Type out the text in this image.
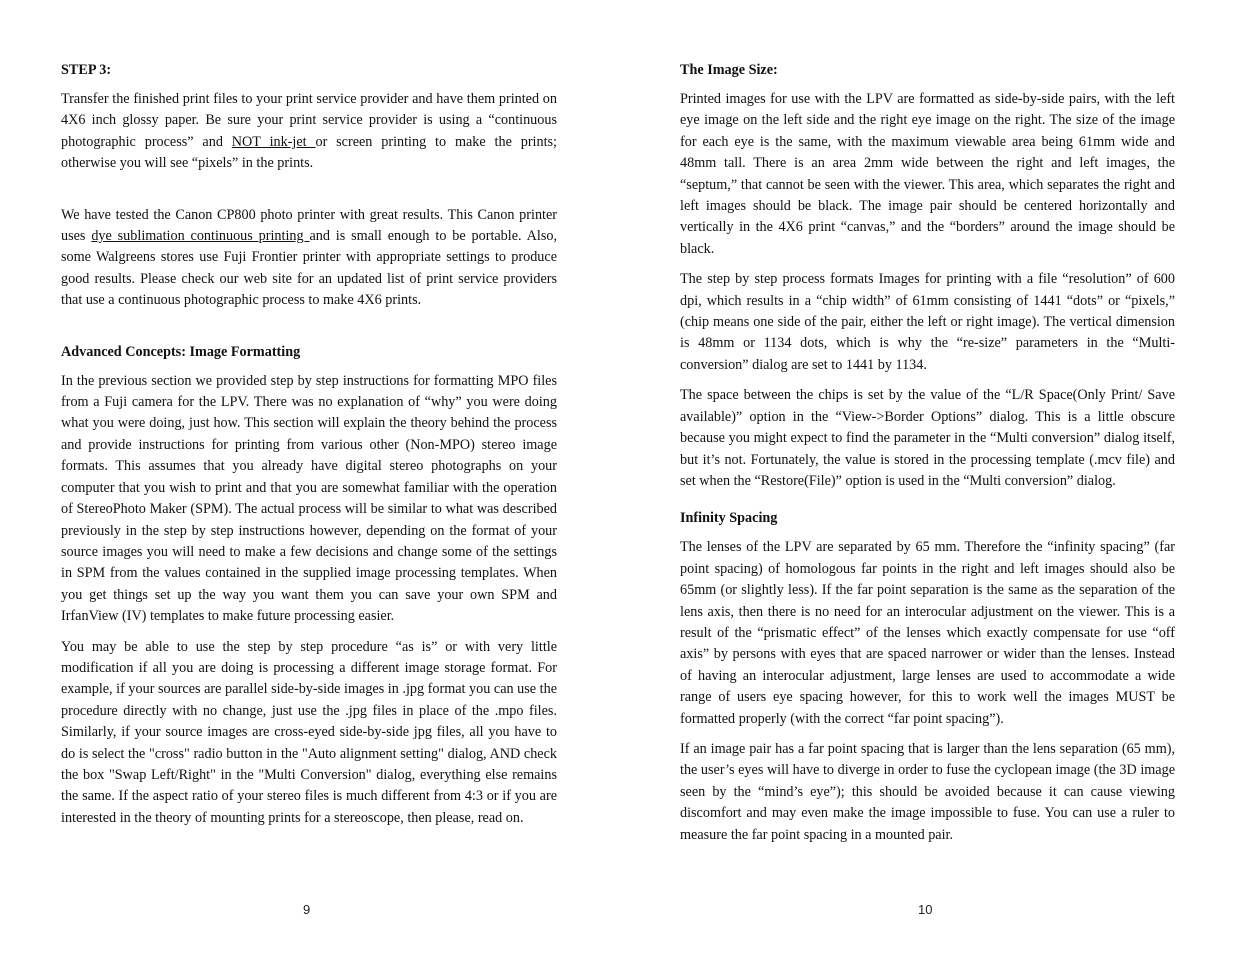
STEP 3:

Transfer the finished print files to your print service provider and have them printed on 4X6 inch glossy paper. Be sure your print service provider is using a “continuous photographic process” and NOT ink-jet or screen printing to make the prints; otherwise you will see “pixels” in the prints.

We have tested the Canon CP800 photo printer with great results. This Canon printer uses dye sublimation continuous printing and is small enough to be portable. Also, some Walgreens stores use Fuji Frontier printer with appropriate settings to produce good results. Please check our web site for an updated list of print service providers that use a continuous photographic process to make 4X6 prints.

Advanced Concepts: Image Formatting

In the previous section we provided step by step instructions for formatting MPO files from a Fuji camera for the LPV. There was no explanation of “why” you were doing what you were doing, just how. This section will explain the theory behind the process and provide instructions for printing from various other (Non-MPO) stereo image formats. This assumes that you already have digital stereo photographs on your computer that you wish to print and that you are somewhat familiar with the operation of StereoPhoto Maker (SPM). The actual process will be similar to what was described previously in the step by step instructions however, depending on the format of your source images you will need to make a few decisions and change some of the settings in SPM from the values contained in the supplied image processing templates. When you get things set up the way you want them you can save your own SPM and IrfanView (IV) templates to make future processing easier.

You may be able to use the step by step procedure “as is” or with very little modification if all you are doing is processing a different image storage format. For example, if your sources are parallel side-by-side images in .jpg format you can use the procedure directly with no change, just use the .jpg files in place of the .mpo files. Similarly, if your source images are cross-eyed side-by-side jpg files, all you have to do is select the "cross" radio button in the "Auto alignment setting" dialog, AND check the box "Swap Left/Right" in the "Multi Conversion" dialog, everything else remains the same. If the aspect ratio of your stereo files is much different from 4:3 or if you are interested in the theory of mounting prints for a stereoscope, then please, read on.

9
The Image Size:

Printed images for use with the LPV are formatted as side-by-side pairs, with the left eye image on the left side and the right eye image on the right. The size of the image for each eye is the same, with the maximum viewable area being 61mm wide and 48mm tall. There is an area 2mm wide between the right and left images, the “septum,” that cannot be seen with the viewer. This area, which separates the right and left images should be black. The image pair should be centered horizontally and vertically in the 4X6 print “canvas,” and the “borders” around the image should be black.

The step by step process formats Images for printing with a file “resolution” of 600 dpi, which results in a “chip width” of 61mm consisting of 1441 “dots” or “pixels,” (chip means one side of the pair, either the left or right image). The vertical dimension is 48mm or 1134 dots, which is why the “re-size” parameters in the “Multi-conversion” dialog are set to 1441 by 1134.

The space between the chips is set by the value of the “L/R Space(Only Print/ Save available)” option in the “View->Border Options” dialog. This is a little obscure because you might expect to find the parameter in the “Multi conversion” dialog itself, but it’s not. Fortunately, the value is stored in the processing template (.mcv file) and set when the “Restore(File)” option is used in the “Multi conversion” dialog.

Infinity Spacing

The lenses of the LPV are separated by 65 mm. Therefore the “infinity spacing” (far point spacing) of homologous far points in the right and left images should also be 65mm (or slightly less). If the far point separation is the same as the separation of the lens axis, then there is no need for an interocular adjustment on the viewer. This is a result of the “prismatic effect” of the lenses which exactly compensate for use “off axis” by persons with eyes that are spaced narrower or wider than the lenses. Instead of having an interocular adjustment, large lenses are used to accommodate a wide range of users eye spacing however, for this to work well the images MUST be formatted properly (with the correct “far point spacing”).

If an image pair has a far point spacing that is larger than the lens separation (65 mm), the user’s eyes will have to diverge in order to fuse the cyclopean image (the 3D image seen by the “mind’s eye”); this should be avoided because it can cause viewing discomfort and may even make the image impossible to fuse. You can use a ruler to measure the far point spacing in a mounted pair.

10
